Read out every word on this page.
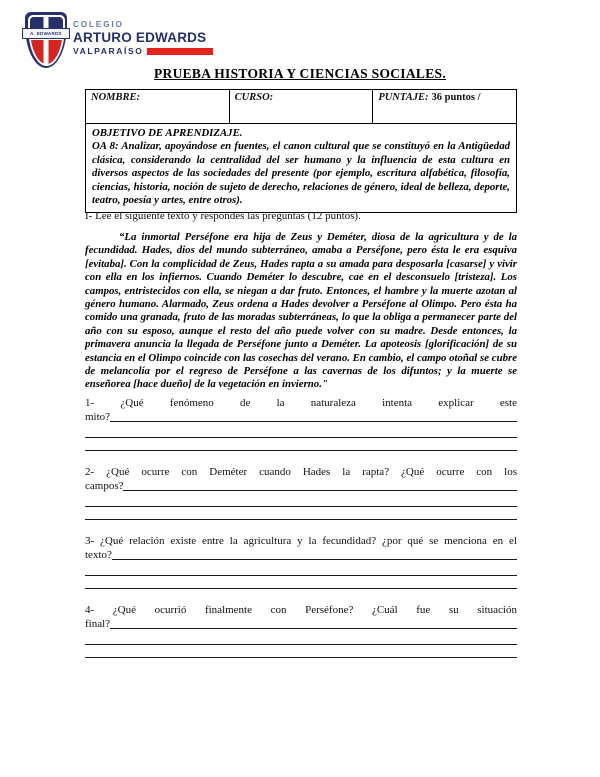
A. EDWARDS
COLEGIO
ARTURO EDWARDS
VALPARAÍSO
PRUEBA HISTORIA Y CIENCIAS SOCIALES.
NOMBRE:	CURSO:	PUNTAJE: 36 puntos /
OBJETIVO DE APRENDIZAJE.
OA 8: Analizar, apoyándose en fuentes, el canon cultural que se constituyó en la Antigüedad clásica, considerando la centralidad del ser humano y la influencia de esta cultura en diversos aspectos de las sociedades del presente (por ejemplo, escritura alfabética, filosofía, ciencias, historia, noción de sujeto de derecho, relaciones de género, ideal de belleza, deporte, teatro, poesía y artes, entre otros).
I- Lee el siguiente texto y respondes las preguntas (12 puntos).
“La inmortal Perséfone era hija de Zeus y Deméter, diosa de la agricultura y de la fecundidad. Hades, dios del mundo subterráneo, amaba a Perséfone, pero ésta le era esquiva [evitaba]. Con la complicidad de Zeus, Hades rapta a su amada para desposarla [casarse] y vivir con ella en los infiernos. Cuando Deméter lo descubre, cae en el desconsuelo [tristeza]. Los campos, entristecidos con ella, se niegan a dar fruto. Entonces, el hambre y la muerte azotan al género humano. Alarmado, Zeus ordena a Hades devolver a Perséfone al Olimpo. Pero ésta ha comido una granada, fruto de las moradas subterráneas, lo que la obliga a permanecer parte del año con su esposo, aunque el resto del año puede volver con su madre. Desde entonces, la primavera anuncia la llegada de Perséfone junto a Deméter. La apoteosis [glorificación] de su estancia en el Olimpo coincide con las cosechas del verano. En cambio, el campo otoñal se cubre de melancolía por el regreso de Perséfone a las cavernas de los difuntos; y la muerte se enseñorea [hace dueño] de la vegetación en invierno."
1- ¿Qué fenómeno de la naturaleza intenta explicar este
mito?
2- ¿Qué ocurre con Deméter cuando Hades la rapta? ¿Qué ocurre con los
campos?
3- ¿Qué relación existe entre la agricultura y la fecundidad? ¿por qué se menciona en el
texto?
4- ¿Qué ocurrió finalmente con Perséfone? ¿Cuál fue su situación
final?
